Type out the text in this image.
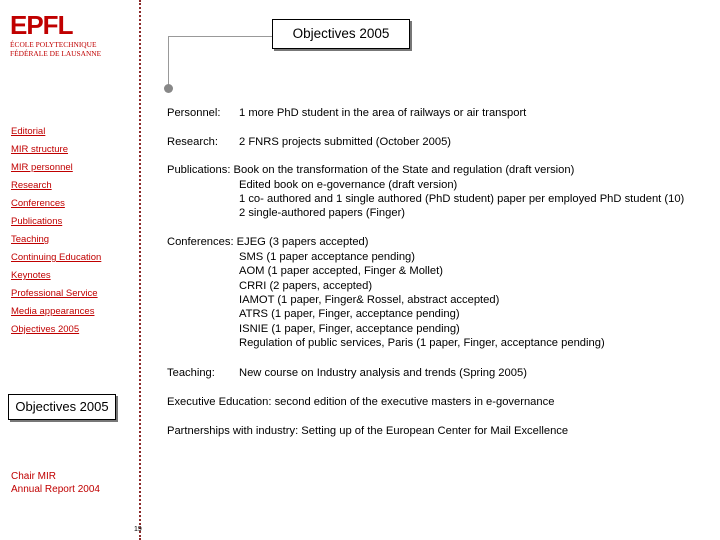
EPFL
ÉCOLE POLYTECHNIQUE
FÉDÉRALE DE LAUSANNE
Objectives 2005
Editorial
MIR structure
MIR personnel
Research
Conferences
Publications
Teaching
Continuing Education
Keynotes
Professional Service
Media appearances
Objectives 2005
Objectives 2005
Chair MIR
Annual Report 2004
19
Personnel: 1 more PhD student in the area of railways or air transport
Research: 2 FNRS projects submitted (October 2005)
Publications: Book on the transformation of the State and regulation (draft version)
Edited book on e-governance (draft version)
1 co- authored and 1 single authored (PhD student) paper per employed PhD student (10)
2 single-authored papers (Finger)
Conferences: EJEG (3 papers accepted)
SMS (1 paper acceptance pending)
AOM (1 paper accepted, Finger & Mollet)
CRRI (2 papers, accepted)
IAMOT (1 paper, Finger& Rossel, abstract accepted)
ATRS (1 paper, Finger, acceptance pending)
ISNIE (1 paper, Finger, acceptance pending)
Regulation of public services, Paris (1 paper, Finger, acceptance pending)
Teaching: New course on Industry analysis and trends (Spring 2005)
Executive Education: second edition of the executive masters in e-governance
Partnerships with industry: Setting up of the European Center for Mail Excellence
